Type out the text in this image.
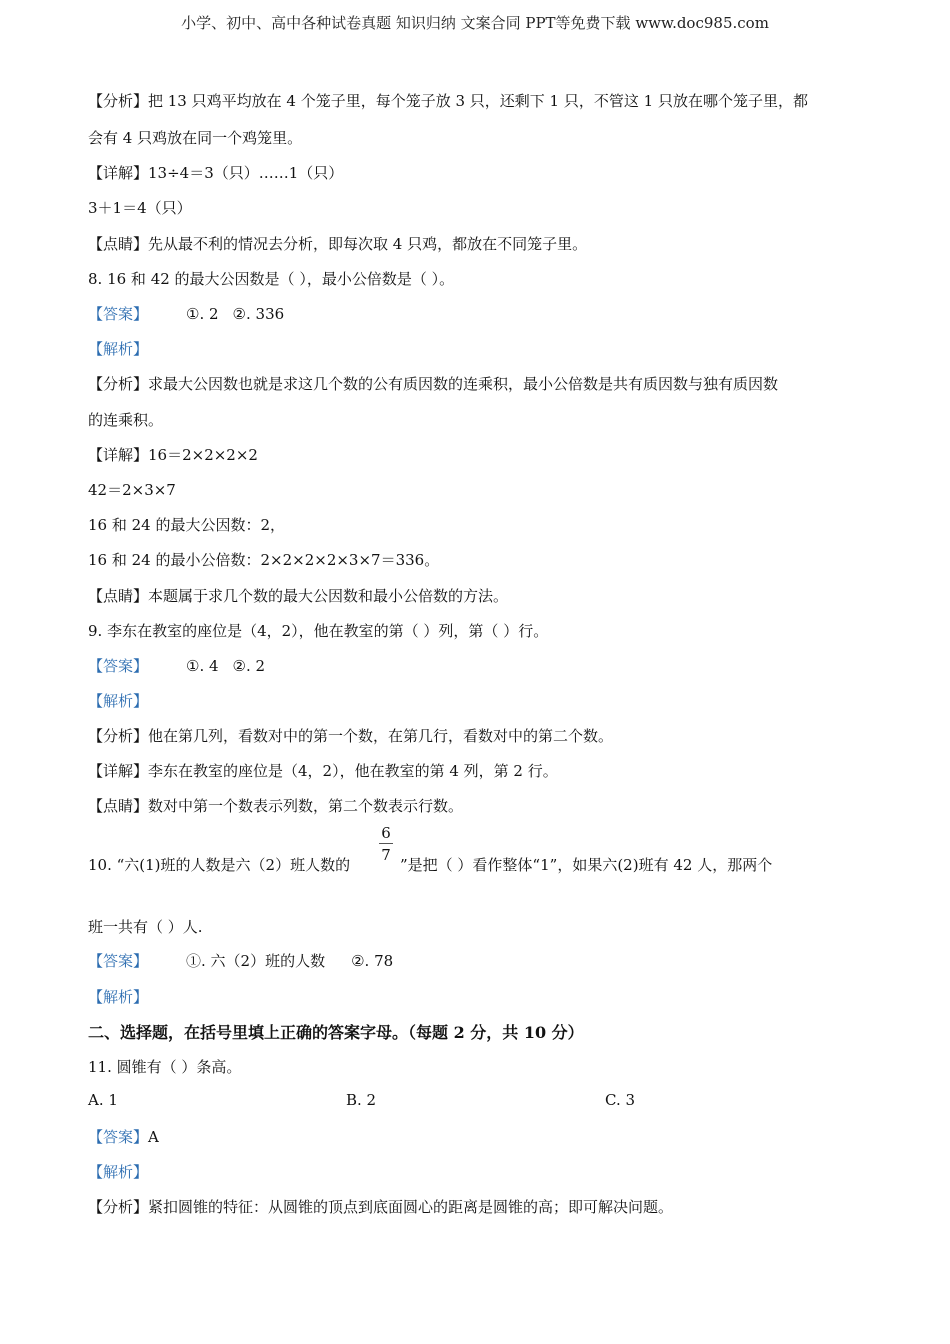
小学、初中、高中各种试卷真题 知识归纳 文案合同 PPT等免费下载 www.doc985.com
【分析】把 13 只鸡平均放在 4 个笼子里，每个笼子放 3 只，还剩下 1 只，不管这 1 只放在哪个笼子里，都
会有 4 只鸡放在同一个鸡笼里。
【详解】13÷4＝3（只）……1（只）
3＋1＝4（只）
【点睛】先从最不利的情况去分析，即每次取 4 只鸡，都放在不同笼子里。
8. 16 和 42 的最大公因数是（ ），最小公倍数是（ ）。
【答案】	①. 2 ②. 336
【解析】
【分析】求最大公因数也就是求这几个数的公有质因数的连乘积，最小公倍数是共有质因数与独有质因数
的连乘积。
【详解】16＝2×2×2×2
42＝2×3×7
16 和 24 的最大公因数：2，
16 和 24 的最小公倍数：2×2×2×2×3×7＝336。
【点睛】本题属于求几个数的最大公因数和最小公倍数的方法。
9. 李东在教室的座位是（4，2），他在教室的第（ ）列，第（ ）行。
【答案】	①. 4 ②. 2
【解析】
【分析】他在第几列，看数对中的第一个数，在第几行，看数对中的第二个数。
【详解】李东在教室的座位是（4，2），他在教室的第 4 列，第 2 行。
【点睛】数对中第一个数表示列数，第二个数表示行数。
10. “六(1)班的人数是六（2）班人数的
6
7
”是把（ ）看作整体“1”，如果六(2)班有 42 人，那两个
班一共有（ ）人.
【答案】	①. 六（2）班的人数 ②. 78
【解析】
二、选择题，在括号里填上正确的答案字母。（每题 2 分，共 10 分）
11. 圆锥有（ ）条高。
A. 1	B. 2	C. 3
【答案】A
【解析】
【分析】紧扣圆锥的特征：从圆锥的顶点到底面圆心的距离是圆锥的高；即可解决问题。
